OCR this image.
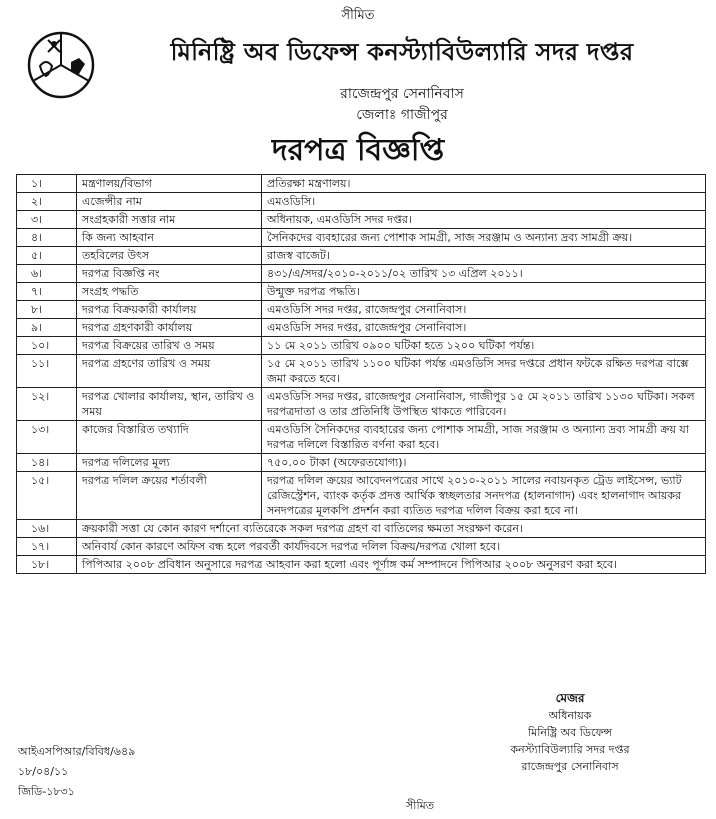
সীমিত
মিনিষ্ট্রি অব ডিফেন্স কনস্ট্যাবিউল্যারি সদর দপ্তর
রাজেন্দ্রপুর সেনানিবাস
জেলাঃ গাজীপুর
দরপত্র বিজ্ঞপ্তি
১।	মন্ত্রণালয়/বিভাগ	প্রতিরক্ষা মন্ত্রণালয়।
২।	এজেন্সীর নাম	এমওডিসি।
৩।	সংগ্রহকারী সত্তার নাম	অধিনায়ক, এমওডিসি সদর দপ্তর।
৪।	কি জন্য আহবান	সৈনিকদের ব্যবহারের জন্য পোশাক সামগ্রী, সাজ সরঞ্জাম ও অন্যান্য দ্রব্য সামগ্রী ক্রয়।
৫।	তহবিলের উৎস	রাজস্ব বাজেট।
৬।	দরপত্র বিজ্ঞপ্তি নং	৪৩১/এ/সদর/২০১০-২০১১/০২ তারিখ ১৩ এপ্রিল ২০১১।
৭।	সংগ্রহ পদ্ধতি	উন্মুক্ত দরপত্র পদ্ধতি।
৮।	দরপত্র বিক্রয়কারী কার্যালয়	এমওডিসি সদর দপ্তর, রাজেন্দ্রপুর সেনানিবাস।
৯।	দরপত্র গ্রহণকারী কার্যালয়	এমওডিসি সদর দপ্তর, রাজেন্দ্রপুর সেনানিবাস।
১০।	দরপত্র বিক্রয়ের তারিখ ও সময়	১১ মে ২০১১ তারিখ ০৯০০ ঘটিকা হতে ১২০০ ঘটিকা পর্যন্ত।
১১।	দরপত্র গ্রহণের তারিখ ও সময়	১৫ মে ২০১১ তারিখ ১১০০ ঘটিকা পর্যন্ত এমওডিসি সদর দপ্তরে প্রধান ফটকে রক্ষিত দরপত্র বাক্সে জমা করতে হবে।
১২।	দরপত্র খোলার কার্যালয়, স্থান, তারিখ ও সময়	এমওডিসি সদর দপ্তর, রাজেন্দ্রপুর সেনানিবাস, গাজীপুর ১৫ মে ২০১১ তারিখ ১১৩০ ঘটিকা। সকল দরপত্রদাতা ও তার প্রতিনিধি উপস্থিত থাকতে পারিবেন।
১৩।	কাজের বিস্তারিত তথ্যাদি	এমওডিসি সৈনিকদের ব্যবহারের জন্য পোশাক সামগ্রী, সাজ সরঞ্জাম ও অন্যান্য দ্রব্য সামগ্রী ক্রয় যা দরপত্র দলিলে বিস্তারিত বর্ণনা করা হবে।
১৪।	দরপত্র দলিলের মূল্য	৭৫০.০০ টাকা (অফেরতযোগ্য)।
১৫।	দরপত্র দলিল ক্রয়ের শর্তাবলী	দরপত্র দলিল ক্রয়ের আবেদনপত্রের সাথে ২০১০-২০১১ সালের নবায়নকৃত ট্রেড লাইসেন্স, ভ্যাট রেজিস্ট্রেশন, ব্যাংক কর্তৃক প্রদত্ত আর্থিক স্বচ্ছলতার সনদপত্র (হালনাগাদ) এবং হালনাগাদ আয়কর সনদপত্রের মূলকপি প্রদর্শন করা ব্যতিত দরপত্র দলিল বিক্রয় করা হবে না।
১৬।	ক্রয়কারী সত্তা যে কোন কারণ দর্শানো ব্যতিরেকে সকল দরপত্র গ্রহণ বা বাতিলের ক্ষমতা সংরক্ষণ করেন।	
১৭।	অনিবার্য কোন কারণে অফিস বন্ধ হলে পরবর্তী কার্যদিবসে দরপত্র দলিল বিক্রয়/দরপত্র খোলা হবে।	
১৮।	পিপিআর ২০০৮ প্রবিধান অনুসারে দরপত্র আহবান করা হলো এবং পূর্ণাঙ্গ কর্ম সম্পাদনে পিপিআর ২০০৮ অনুসরণ করা হবে।	
মেজর
অধিনায়ক
মিনিষ্ট্রি অব ডিফেন্স
কনস্ট্যাবিউল্যারি সদর দপ্তর
রাজেন্দ্রপুর সেনানিবাস
আইএসপিআর/বিবিধ/৬৪৯
১৮/০৪/১১
জিডি-১৮৩১
সীমিত
